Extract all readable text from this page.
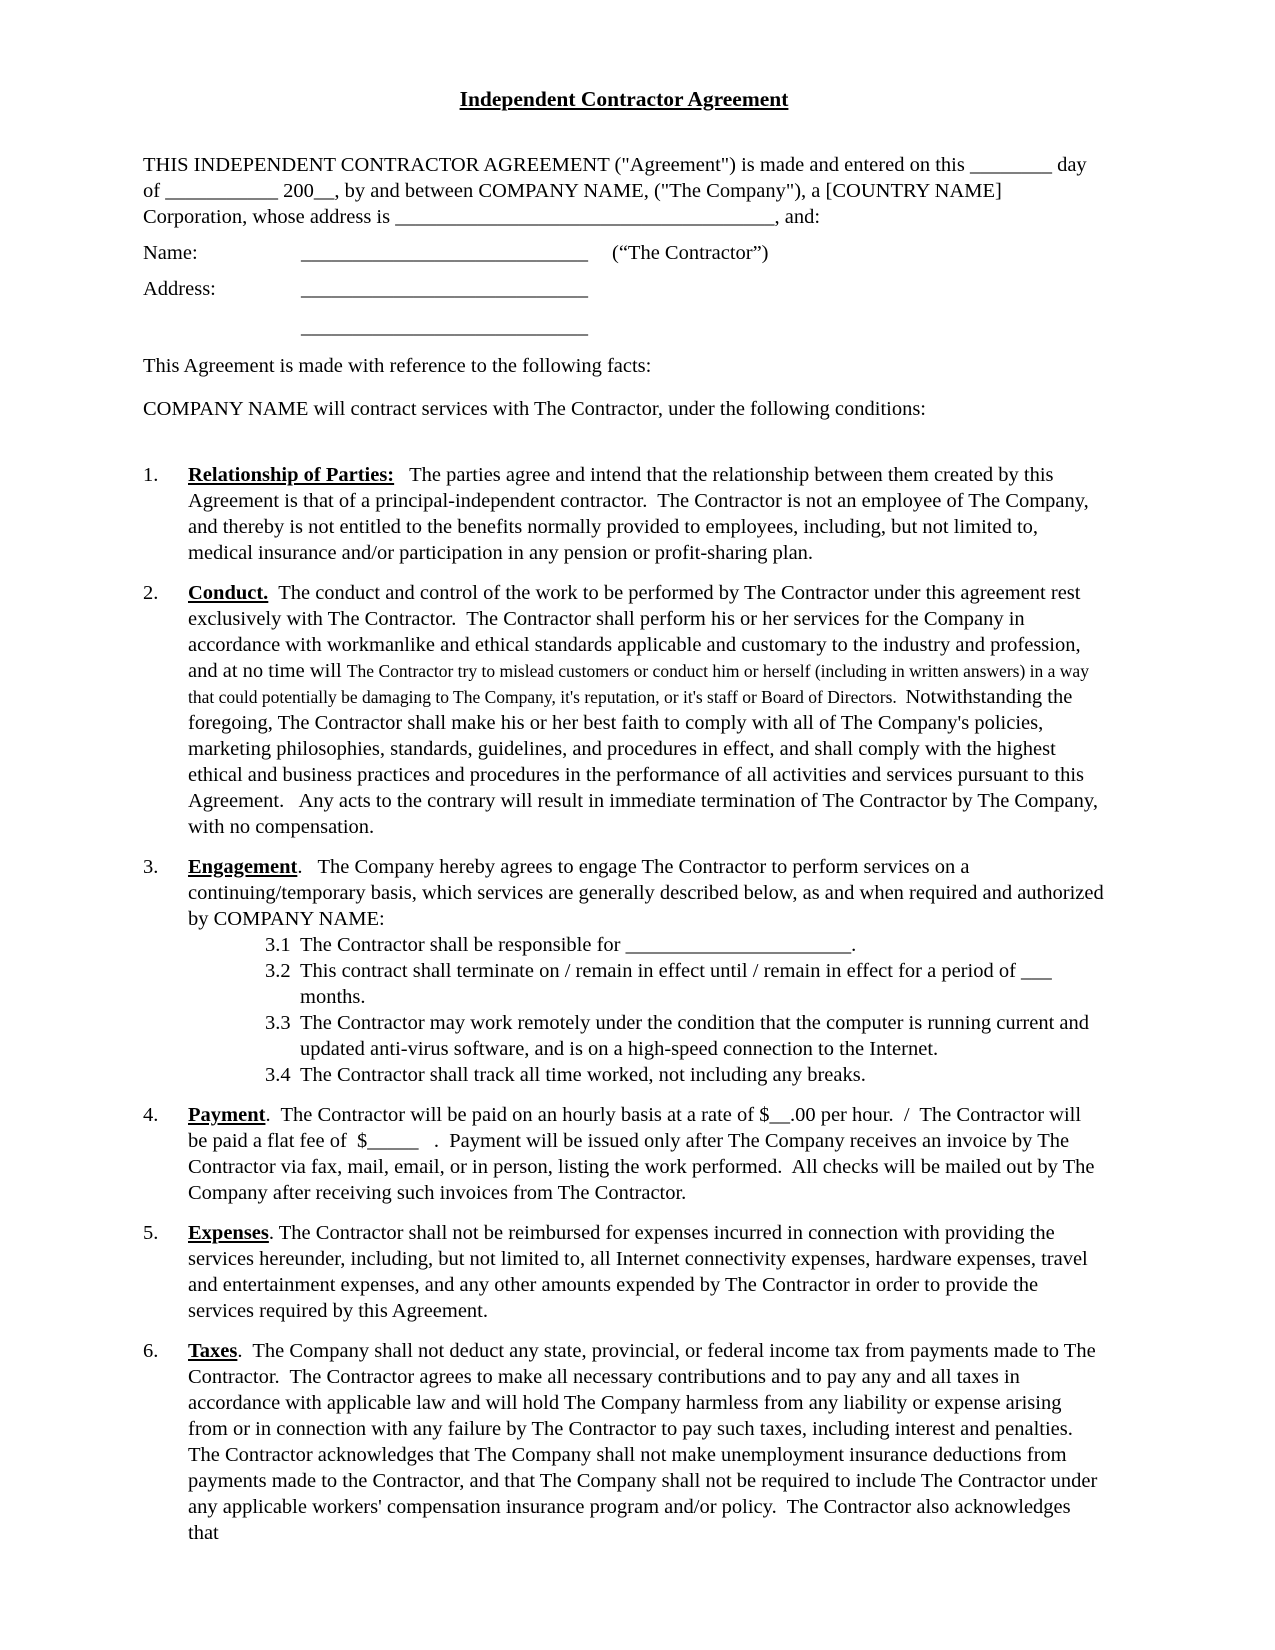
Independent Contractor Agreement

THIS INDEPENDENT CONTRACTOR AGREEMENT ("Agreement") is made and entered on this ________ day of ___________ 200__, by and between COMPANY NAME, ("The Company"), a [COUNTRY NAME] Corporation, whose address is _____________________________________, and:

Name:	____________________________ (“The Contractor”)
Address:	____________________________
____________________________

This Agreement is made with reference to the following facts:

COMPANY NAME will contract services with The Contractor, under the following conditions:

1. Relationship of Parties:   The parties agree and intend that the relationship between them created by this Agreement is that of a principal-independent contractor.  The Contractor is not an employee of The Company, and thereby is not entitled to the benefits normally provided to employees, including, but not limited to, medical insurance and/or participation in any pension or profit-sharing plan.

2. Conduct.  The conduct and control of the work to be performed by The Contractor under this agreement rest exclusively with The Contractor.  The Contractor shall perform his or her services for the Company in accordance with workmanlike and ethical standards applicable and customary to the industry and profession, and at no time will The Contractor try to mislead customers or conduct him or herself (including in written answers) in a way that could potentially be damaging to The Company, it's reputation, or it's staff or Board of Directors.  Notwithstanding the foregoing, The Contractor shall make his or her best faith to comply with all of The Company's policies, marketing philosophies, standards, guidelines, and procedures in effect, and shall comply with the highest ethical and business practices and procedures in the performance of all activities and services pursuant to this Agreement.   Any acts to the contrary will result in immediate termination of The Contractor by The Company, with no compensation.

3. Engagement.   The Company hereby agrees to engage The Contractor to perform services on a continuing/temporary basis, which services are generally described below, as and when required and authorized by COMPANY NAME:

3.1 The Contractor shall be responsible for ______________________.

3.2 This contract shall terminate on / remain in effect until / remain in effect for a period of ___ months.

3.3 The Contractor may work remotely under the condition that the computer is running current and updated anti-virus software, and is on a high-speed connection to the Internet.

3.4 The Contractor shall track all time worked, not including any breaks.

4. Payment.  The Contractor will be paid on an hourly basis at a rate of $__.00 per hour.  /  The Contractor will be paid a flat fee of  $_____   .  Payment will be issued only after The Company receives an invoice by The Contractor via fax, mail, email, or in person, listing the work performed.  All checks will be mailed out by The Company after receiving such invoices from The Contractor.

5. Expenses. The Contractor shall not be reimbursed for expenses incurred in connection with providing the services hereunder, including, but not limited to, all Internet connectivity expenses, hardware expenses, travel and entertainment expenses, and any other amounts expended by The Contractor in order to provide the services required by this Agreement.

6. Taxes.  The Company shall not deduct any state, provincial, or federal income tax from payments made to The Contractor.  The Contractor agrees to make all necessary contributions and to pay any and all taxes in accordance with applicable law and will hold The Company harmless from any liability or expense arising from or in connection with any failure by The Contractor to pay such taxes, including interest and penalties. The Contractor acknowledges that The Company shall not make unemployment insurance deductions from payments made to the Contractor, and that The Company shall not be required to include The Contractor under any applicable workers' compensation insurance program and/or policy.  The Contractor also acknowledges that
